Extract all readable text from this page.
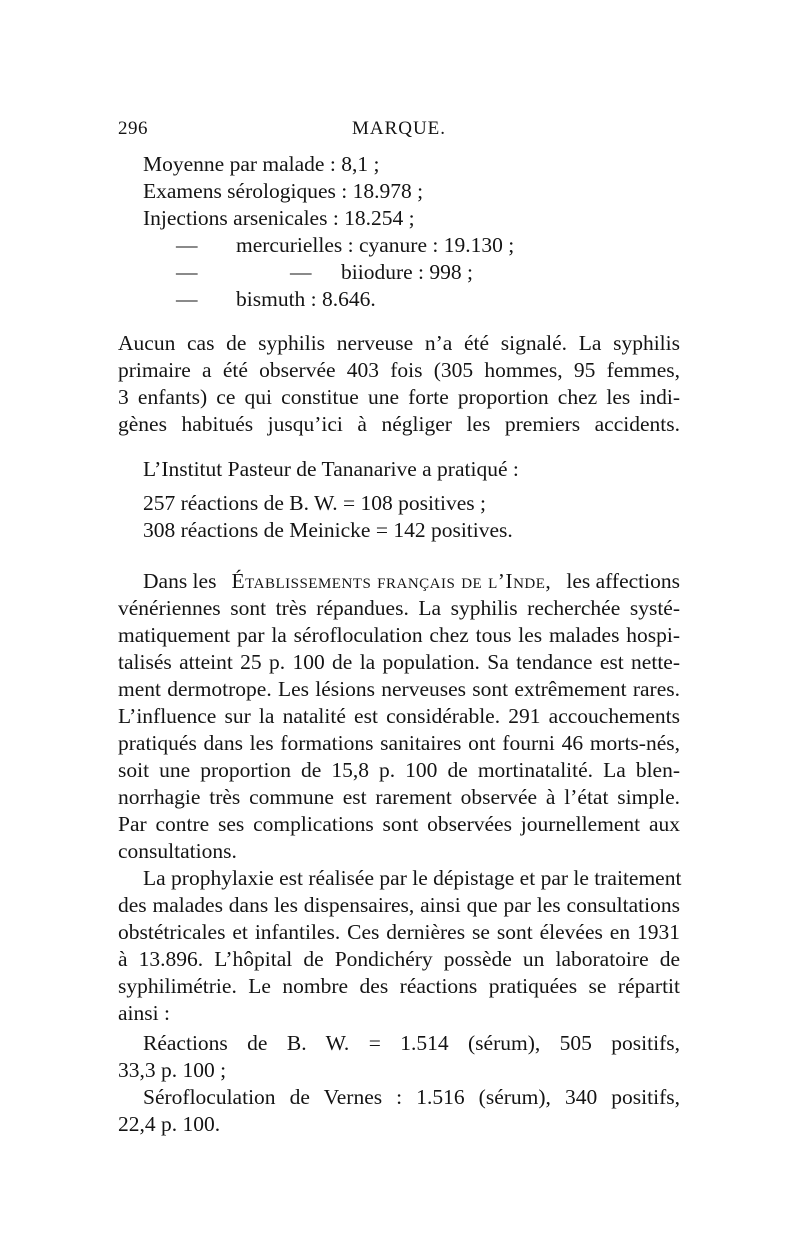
296	MARQUE.
Moyenne par malade : 8,1 ;
Examens sérologiques : 18.978 ;
Injections arsenicales : 18.254 ;
— mercurielles : cyanure : 19.130 ;
—	— biiodure : 998 ;
— bismuth : 8.646.
Aucun cas de syphilis nerveuse n’a été signalé. La syphilis
primaire a été observée 403 fois (305 hommes, 95 femmes,
3 enfants) ce qui constitue une forte proportion chez les indi-
gènes habitués jusqu’ici à négliger les premiers accidents.
L’Institut Pasteur de Tananarive a pratiqué :
257 réactions de B. W. = 108 positives ;
308 réactions de Meinicke = 142 positives.
Dans les Établissements français de l’Inde, les affections
vénériennes sont très répandues. La syphilis recherchée systé-
matiquement par la sérofloculation chez tous les malades hospi-
talisés atteint 25 p. 100 de la population. Sa tendance est nette-
ment dermotrope. Les lésions nerveuses sont extrêmement rares.
L’influence sur la natalité est considérable. 291 accouchements
pratiqués dans les formations sanitaires ont fourni 46 morts-nés,
soit une proportion de 15,8 p. 100 de mortinatalité. La blen-
norrhagie très commune est rarement observée à l’état simple.
Par contre ses complications sont observées journellement aux
consultations.
La prophylaxie est réalisée par le dépistage et par le traitement
des malades dans les dispensaires, ainsi que par les consultations
obstétricales et infantiles. Ces dernières se sont élevées en 1931
à 13.896. L’hôpital de Pondichéry possède un laboratoire de
syphilimétrie. Le nombre des réactions pratiquées se répartit
ainsi :
Réactions de B. W. = 1.514 (sérum), 505 positifs,
33,3 p. 100 ;
Sérofloculation de Vernes : 1.516 (sérum), 340 positifs,
22,4 p. 100.
